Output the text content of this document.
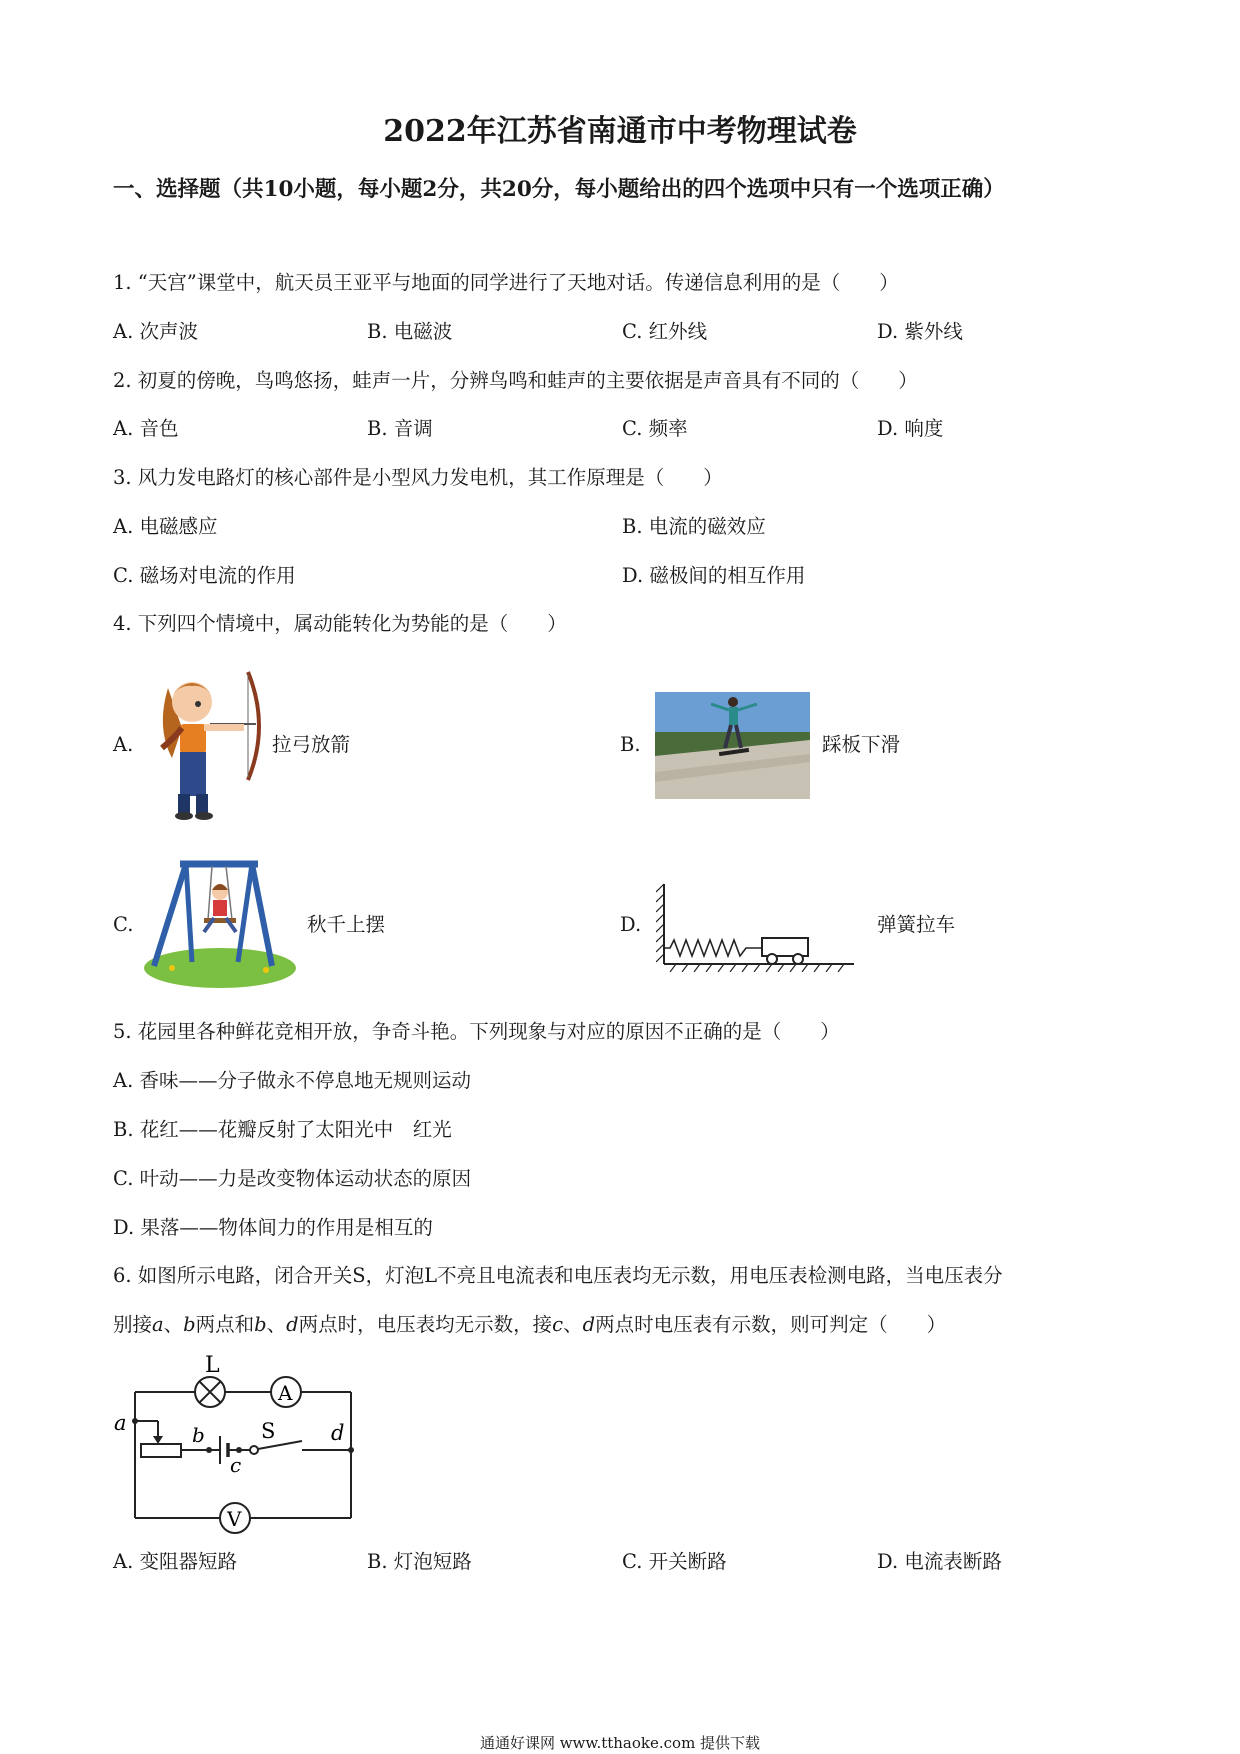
2022年江苏省南通市中考物理试卷
一、选择题（共10小题，每小题2分，共20分，每小题给出的四个选项中只有一个选项正确）
1. “天宫”课堂中，航天员王亚平与地面的同学进行了天地对话。传递信息利用的是（　　）
A. 次声波	B. 电磁波	C. 红外线	D. 紫外线
2. 初夏的傍晚，鸟鸣悠扬，蛙声一片，分辨鸟鸣和蛙声的主要依据是声音具有不同的（　　）
A. 音色	B. 音调	C. 频率	D. 响度
3. 风力发电路灯的核心部件是小型风力发电机，其工作原理是（　　）
A. 电磁感应	B. 电流的磁效应
C. 磁场对电流的作用	D. 磁极间的相互作用
4. 下列四个情境中，属动能转化为势能的是（　　）
A.	拉弓放箭	B.	踩板下滑
C.	秋千上摆	D.	弹簧拉车
5. 花园里各种鲜花竞相开放，争奇斗艳。下列现象与对应的原因不正确的是（　　）
A. 香味——分子做永不停息地无规则运动
B. 花红——花瓣反射了太阳光中　红光
C. 叶动——力是改变物体运动状态的原因
D. 果落——物体间力的作用是相互的
6. 如图所示电路，闭合开关S，灯泡L不亮且电流表和电压表均无示数，用电压表检测电路，当电压表分
别接a、b两点和b、d两点时，电压表均无示数，接c、d两点时电压表有示数，则可判定（　　）
L
A
V
a	b
c
S	d
A. 变阻器短路	B. 灯泡短路	C. 开关断路	D. 电流表断路
通通好课网 www.tthaoke.com 提供下载
